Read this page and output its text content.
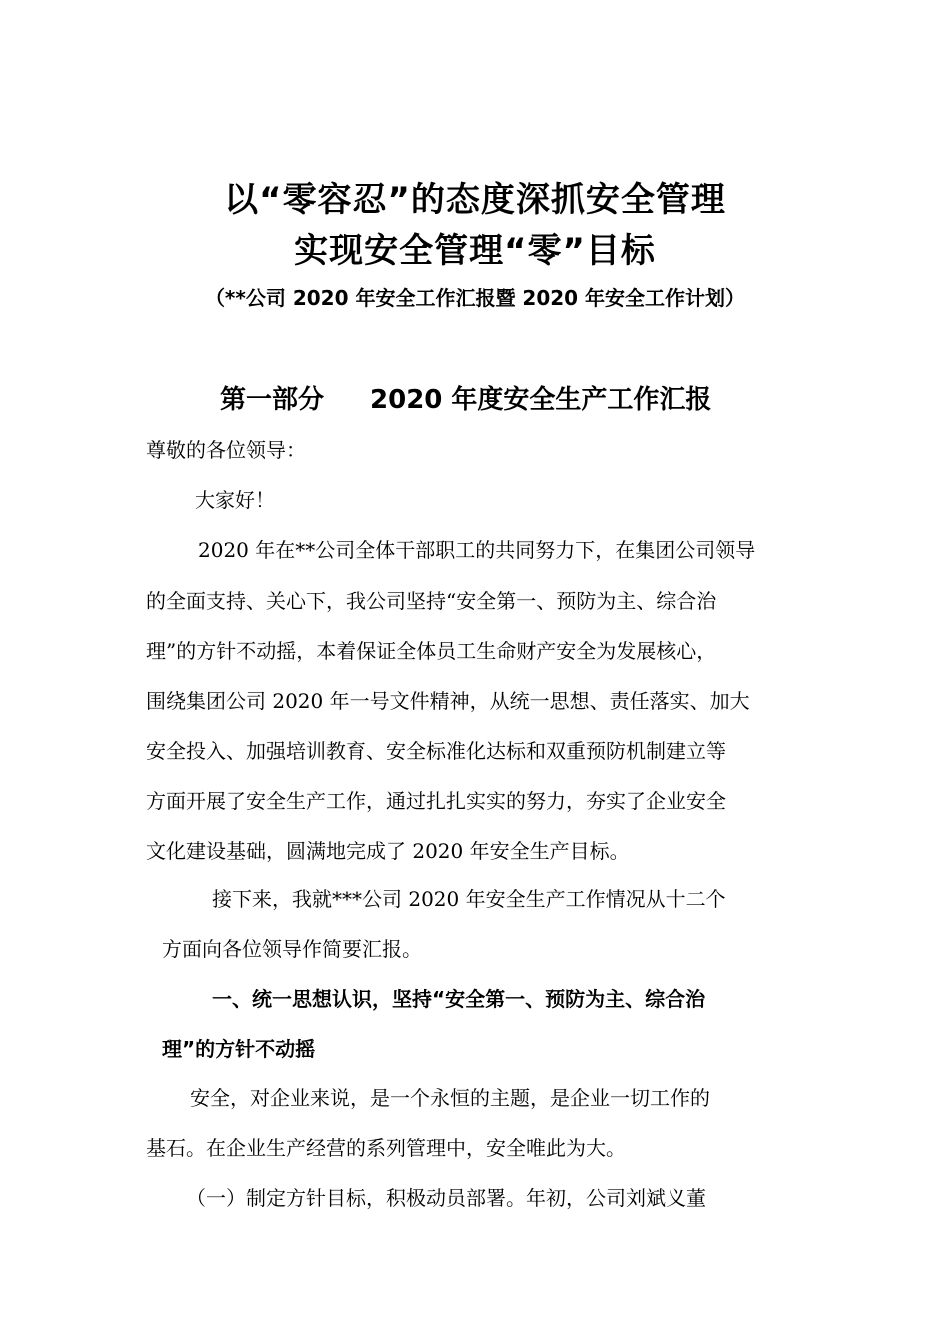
以“零容忍”的态度深抓安全管理
实现安全管理“零”目标
（**公司 2020 年安全工作汇报暨 2020 年安全工作计划）
第一部分 2020 年度安全生产工作汇报
尊敬的各位领导：
大家好！
2020 年在**公司全体干部职工的共同努力下，在集团公司领导
的全面支持、关心下，我公司坚持“安全第一、预防为主、综合治
理”的方针不动摇，本着保证全体员工生命财产安全为发展核心，
围绕集团公司 2020 年一号文件精神，从统一思想、责任落实、加大
安全投入、加强培训教育、安全标准化达标和双重预防机制建立等
方面开展了安全生产工作，通过扎扎实实的努力，夯实了企业安全
文化建设基础，圆满地完成了 2020 年安全生产目标。
接下来，我就***公司 2020 年安全生产工作情况从十二个
方面向各位领导作简要汇报。
一、统一思想认识，坚持“安全第一、预防为主、综合治
理”的方针不动摇
安全，对企业来说，是一个永恒的主题，是企业一切工作的
基石。在企业生产经营的系列管理中，安全唯此为大。
（一）制定方针目标，积极动员部署。年初，公司刘斌义董
